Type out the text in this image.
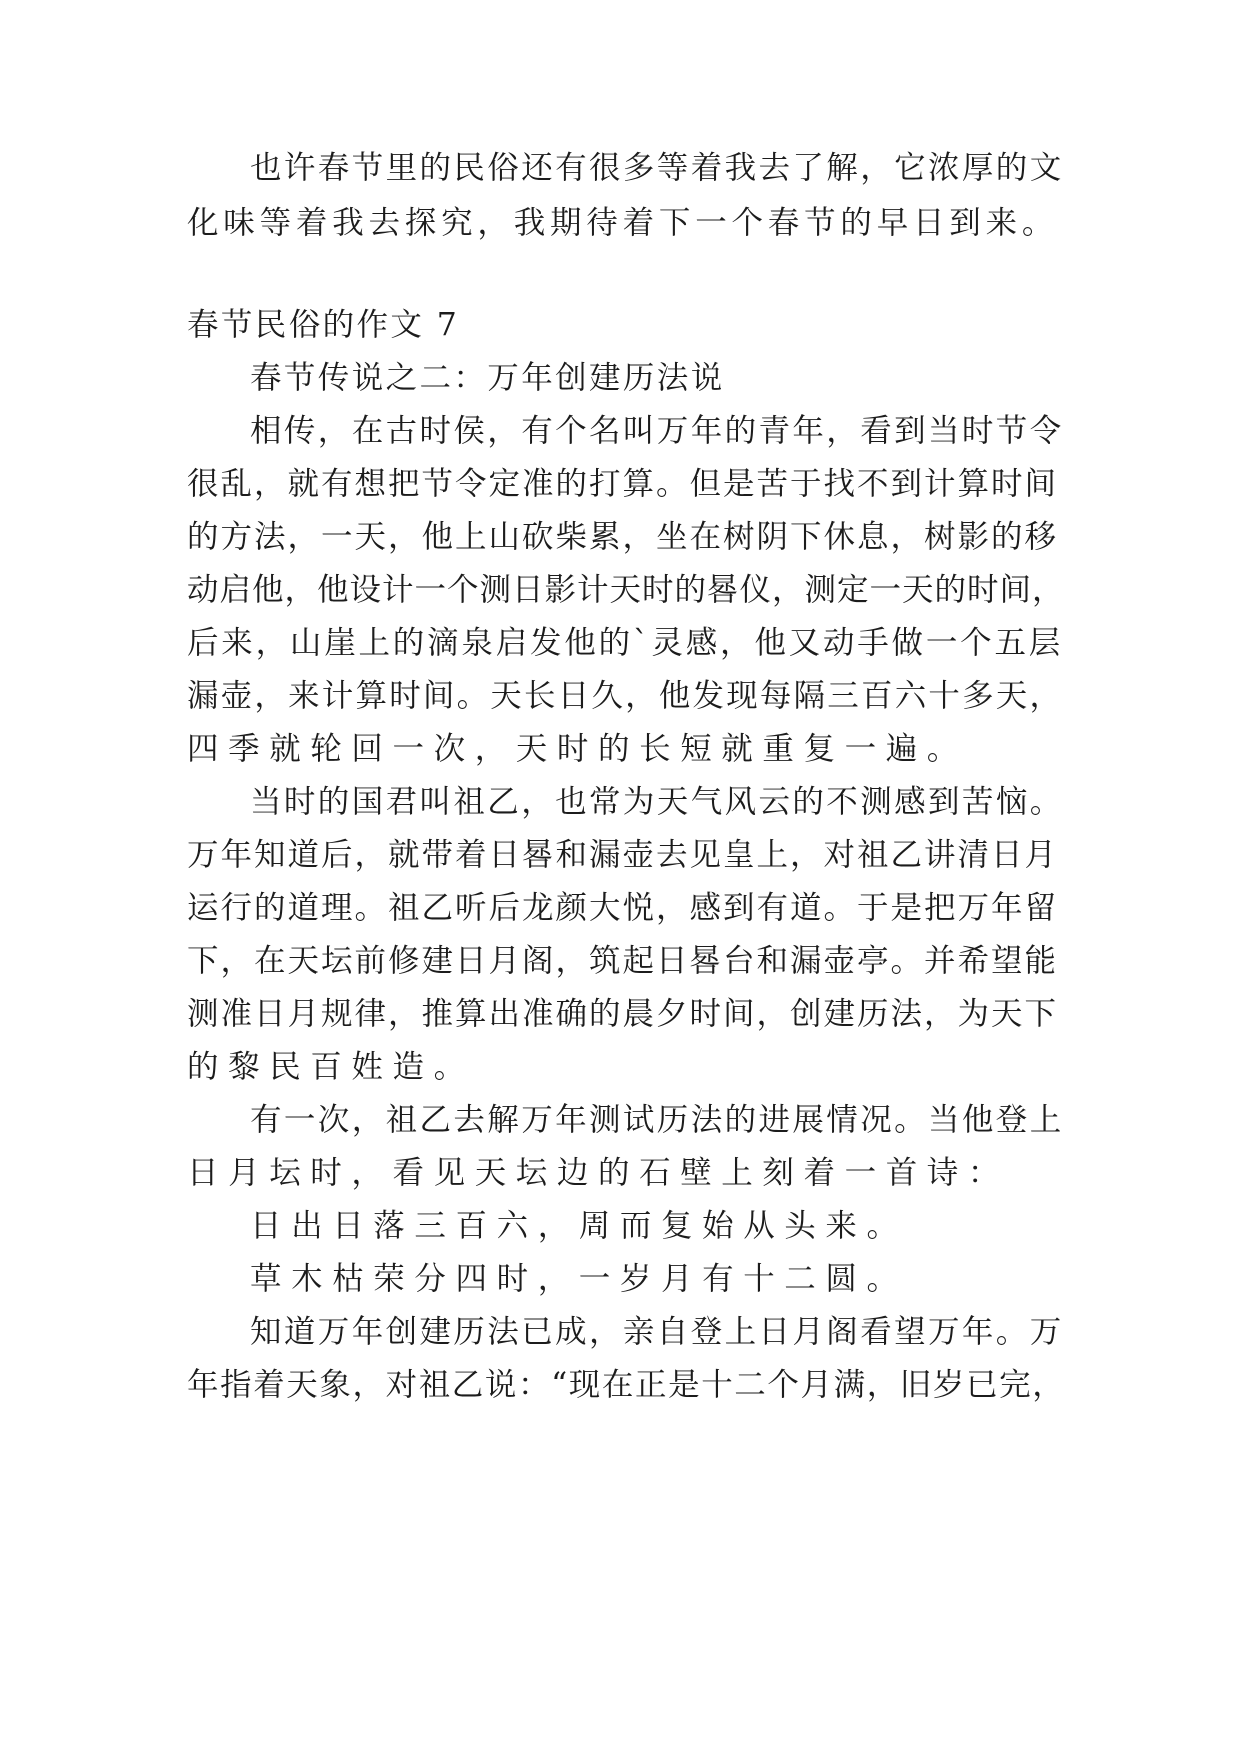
也许春节里的民俗还有很多等着我去了解，它浓厚的文
化味等着我去探究，我期待着下一个春节的早日到来。
春节民俗的作文 7
春节传说之二：万年创建历法说
相传，在古时侯，有个名叫万年的青年，看到当时节令
很乱，就有想把节令定准的打算。但是苦于找不到计算时间
的方法，一天，他上山砍柴累，坐在树阴下休息，树影的移
动启他，他设计一个测日影计天时的晷仪，测定一天的时间，
后来，山崖上的滴泉启发他的`灵感，他又动手做一个五层
漏壶，来计算时间。天长日久，他发现每隔三百六十多天，
四季就轮回一次，天时的长短就重复一遍。
当时的国君叫祖乙，也常为天气风云的不测感到苦恼。
万年知道后，就带着日晷和漏壶去见皇上，对祖乙讲清日月
运行的道理。祖乙听后龙颜大悦，感到有道。于是把万年留
下，在天坛前修建日月阁，筑起日晷台和漏壶亭。并希望能
测准日月规律，推算出准确的晨夕时间，创建历法，为天下
的黎民百姓造。
有一次，祖乙去解万年测试历法的进展情况。当他登上
日月坛时，看见天坛边的石壁上刻着一首诗：
日出日落三百六，周而复始从头来。
草木枯荣分四时，一岁月有十二圆。
知道万年创建历法已成，亲自登上日月阁看望万年。万
年指着天象，对祖乙说：“现在正是十二个月满，旧岁已完，
